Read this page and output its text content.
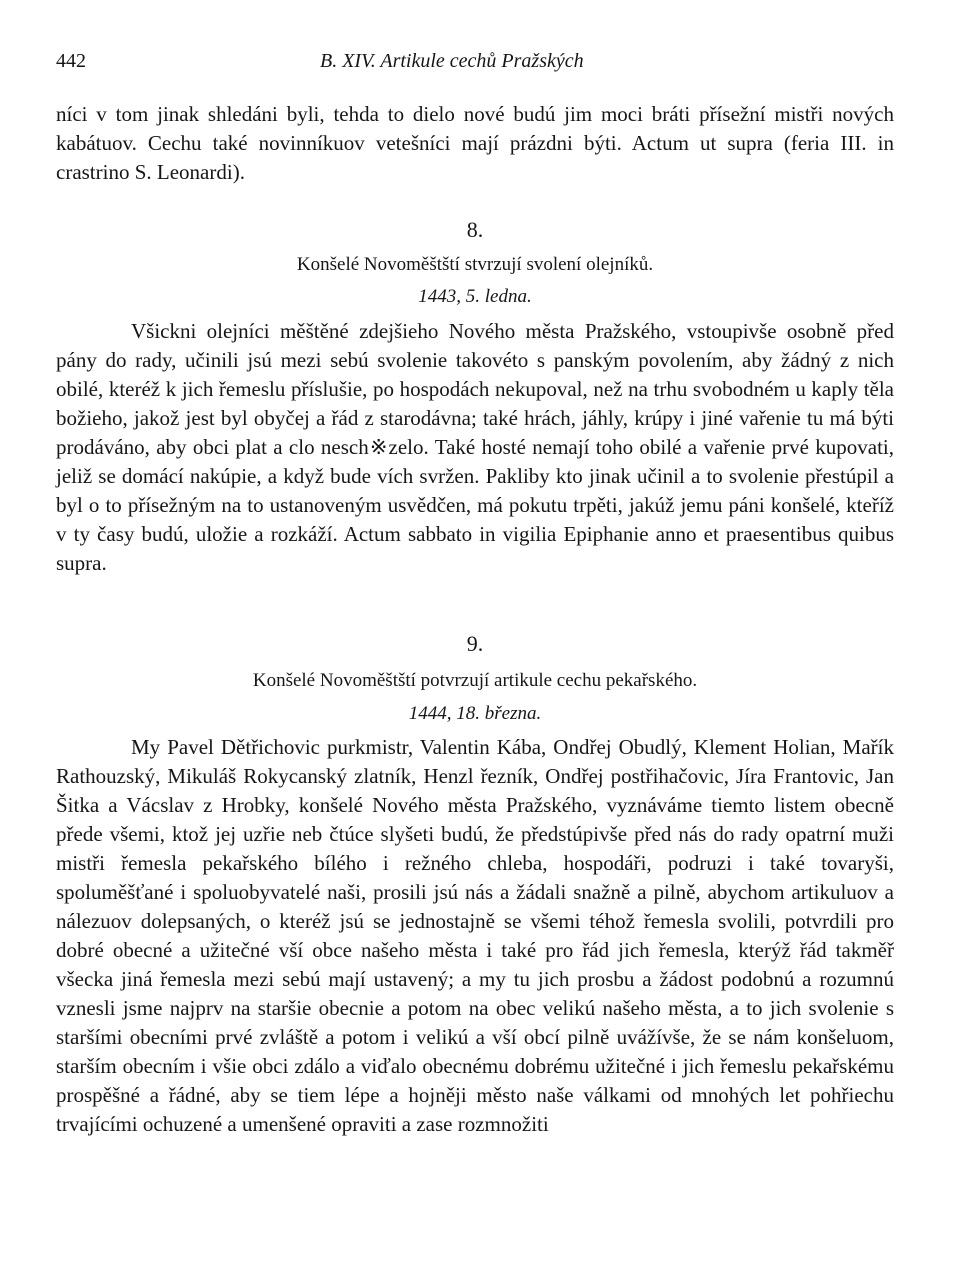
442	B. XIV. Artikule cechů Pražských

níci v tom jinak shledáni byli, tehda to dielo nové budú jim moci bráti přísežní mistři nových kabátuov. Cechu také novinníkuov vetešníci mají prázdni býti. Actum ut supra (feria III. in crastrino S. Leonardi).

8.
Konšelé Novoměštští stvrzují svolení olejníků.
1443, 5. ledna.

Všickni olejníci měštěné zdejšieho Nového města Pražského, vstoupivše osobně před pány do rady, učinili jsú mezi sebú svolenie takovéto s panským povolením, aby žádný z nich obilé, kteréž k jich řemeslu příslušie, po hospodách nekupoval, než na trhu svobodném u kaply těla božieho, jakož jest byl obyčej a řád z starodávna; také hrách, jáhly, krúpy i jiné vařenie tu má býti prodáváno, aby obci plat a clo nesch※zelo. Také hosté nemají toho obilé a vařenie prvé kupovati, jeliž se domácí nakúpie, a když bude vích svržen. Pakliby kto jinak učinil a to svolenie přestúpil a byl o to přísežným na to ustanoveným usvědčen, má pokutu trpěti, jakúž jemu páni konšelé, kteříž v ty časy budú, uložie a rozkáží. Actum sabbato in vigilia Epiphanie anno et praesentibus quibus supra.

9.
Konšelé Novoměštští potvrzují artikule cechu pekařského.
1444, 18. března.

My Pavel Dětřichovic purkmistr, Valentin Kába, Ondřej Obudlý, Klement Holian, Mařík Rathouzský, Mikuláš Rokycanský zlatník, Henzl řezník, Ondřej postřihačovic, Jíra Frantovic, Jan Šitka a Vácslav z Hrobky, konšelé Nového města Pražského, vyznáváme tiemto listem obecně přede všemi, ktož jej uzřie neb čtúce slyšeti budú, že předstúpivše před nás do rady opatrní muži mistři řemesla pekařského bílého i režného chleba, hospodáři, podruzi i také tovaryši, spoluměšťané i spoluobyvatelé naši, prosili jsú nás a žádali snažně a pilně, abychom artikuluov a nálezuov dolepsaných, o kteréž jsú se jednostajně se všemi téhož řemesla svolili, potvrdili pro dobré obecné a užitečné vší obce našeho města i také pro řád jich řemesla, kterýž řád takměř všecka jiná řemesla mezi sebú mají ustavený; a my tu jich prosbu a žádost podobnú a rozumnú vznesli jsme najprv na staršie obecnie a potom na obec velikú našeho města, a to jich svolenie s staršími obecními prvé zvláště a potom i velikú a vší obcí pilně uvážívše, že se nám konšeluom, starším obecním i všie obci zdálo a viďalo obecnému dobrému užitečné i jich řemeslu pekařskému prospěšné a řádné, aby se tiem lépe a hojněji město naše válkami od mnohých let pohřiechu trvajícími ochuzené a umenšené opraviti a zase rozmnožiti
